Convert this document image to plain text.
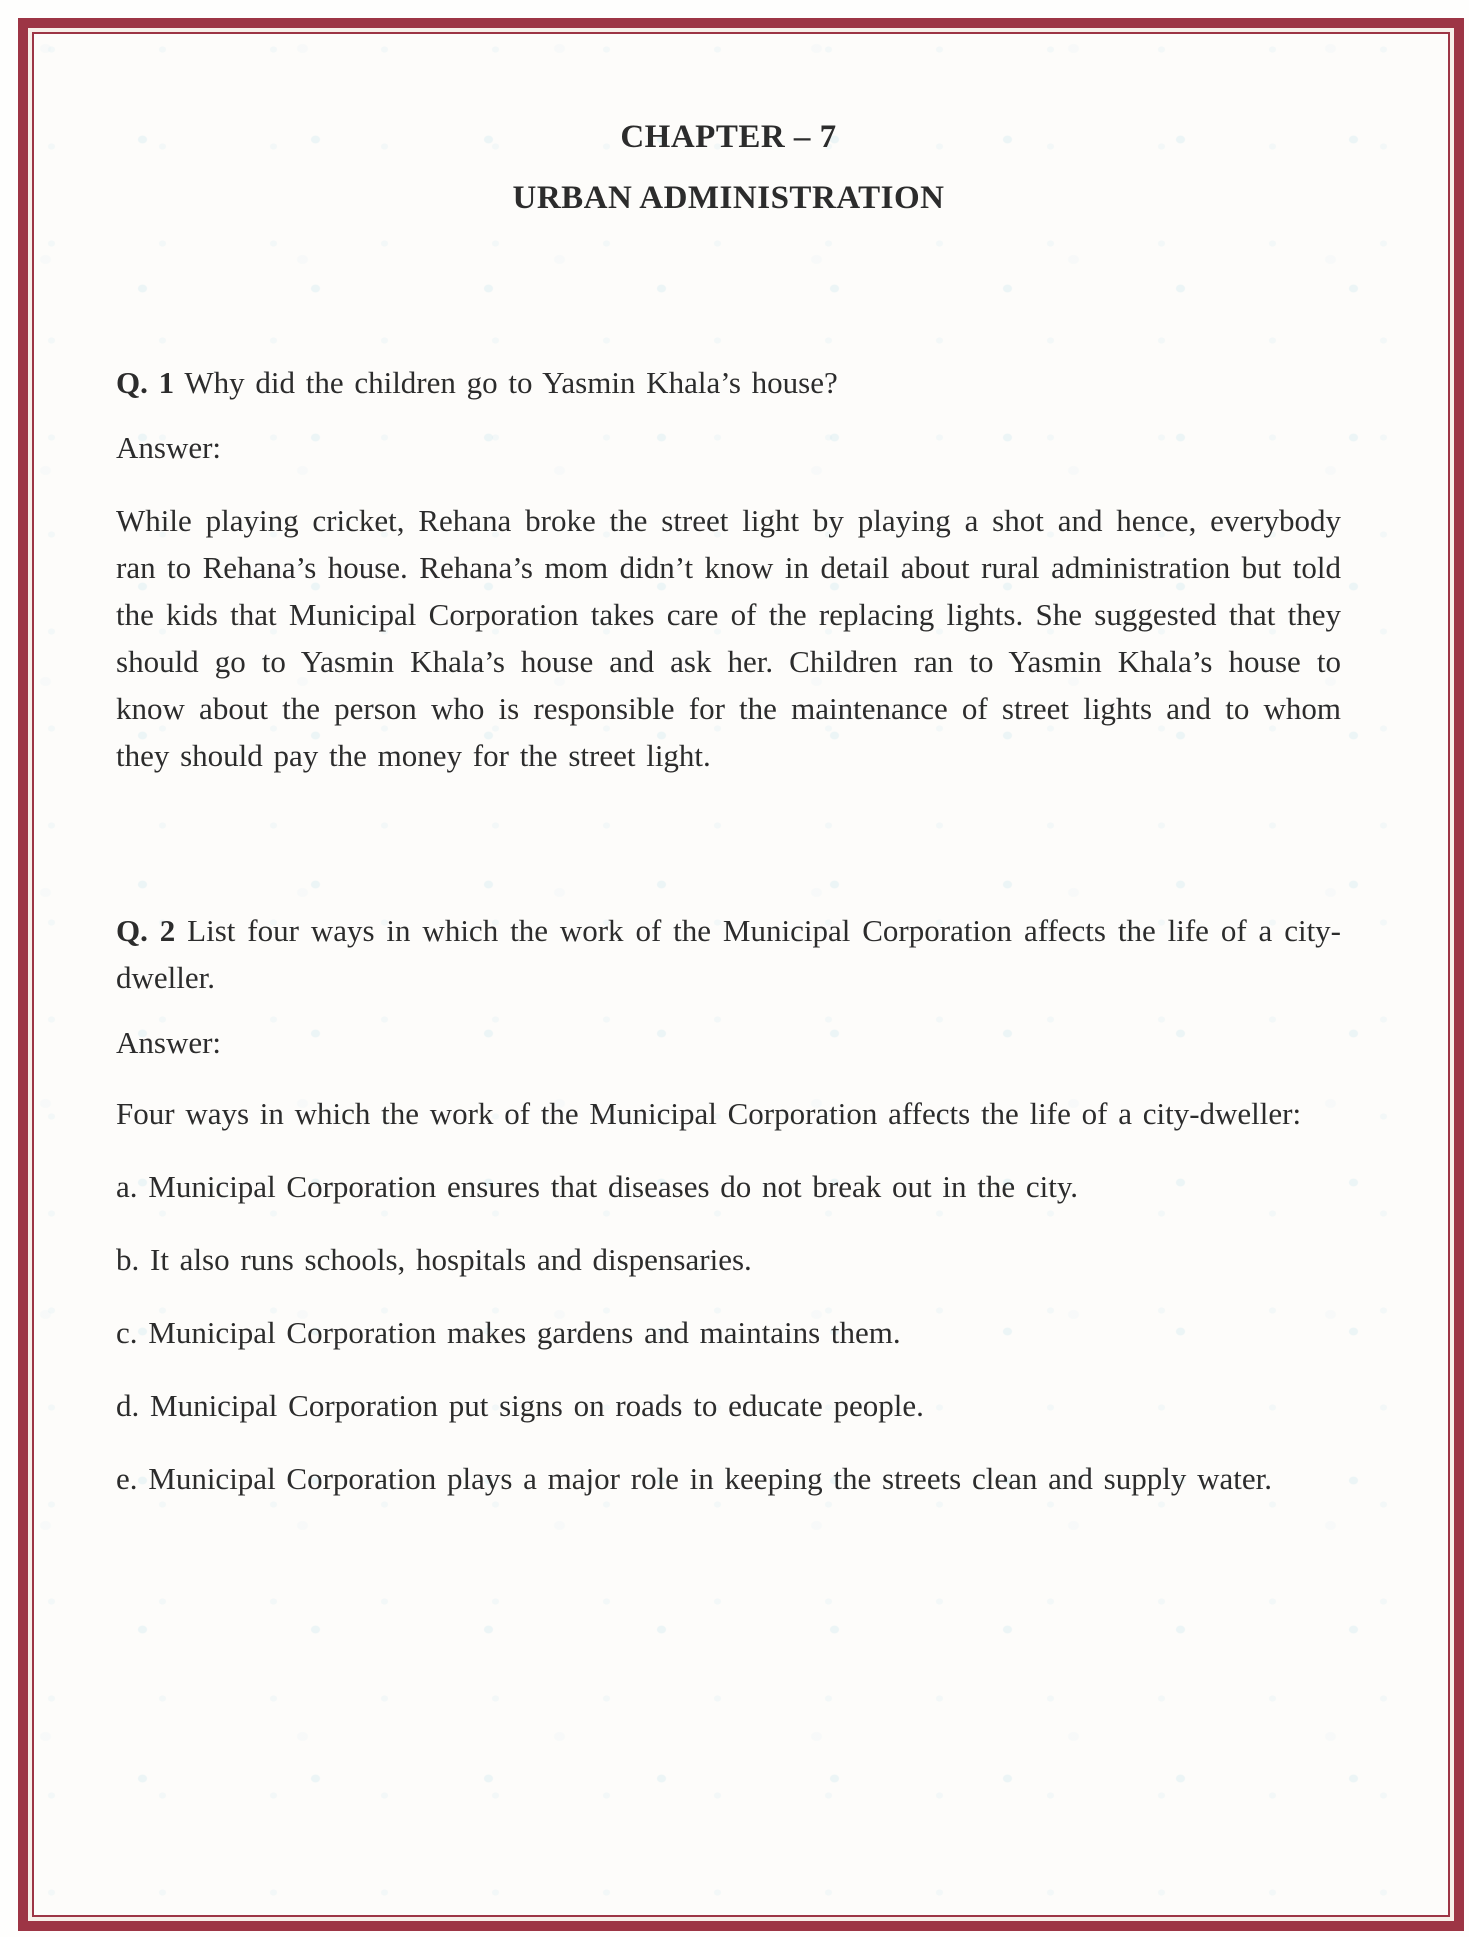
CHAPTER – 7
URBAN ADMINISTRATION

Q. 1 Why did the children go to Yasmin Khala’s house?

Answer:

While playing cricket, Rehana broke the street light by playing a shot and hence, everybody ran to Rehana’s house. Rehana’s mom didn’t know in detail about rural administration but told the kids that Municipal Corporation takes care of the replacing lights. She suggested that they should go to Yasmin Khala’s house and ask her. Children ran to Yasmin Khala’s house to know about the person who is responsible for the maintenance of street lights and to whom they should pay the money for the street light.

Q. 2 List four ways in which the work of the Municipal Corporation affects the life of a city-dweller.

Answer:

Four ways in which the work of the Municipal Corporation affects the life of a city-dweller:

a. Municipal Corporation ensures that diseases do not break out in the city.
b. It also runs schools, hospitals and dispensaries.
c. Municipal Corporation makes gardens and maintains them.
d. Municipal Corporation put signs on roads to educate people.
e. Municipal Corporation plays a major role in keeping the streets clean and supply water.
